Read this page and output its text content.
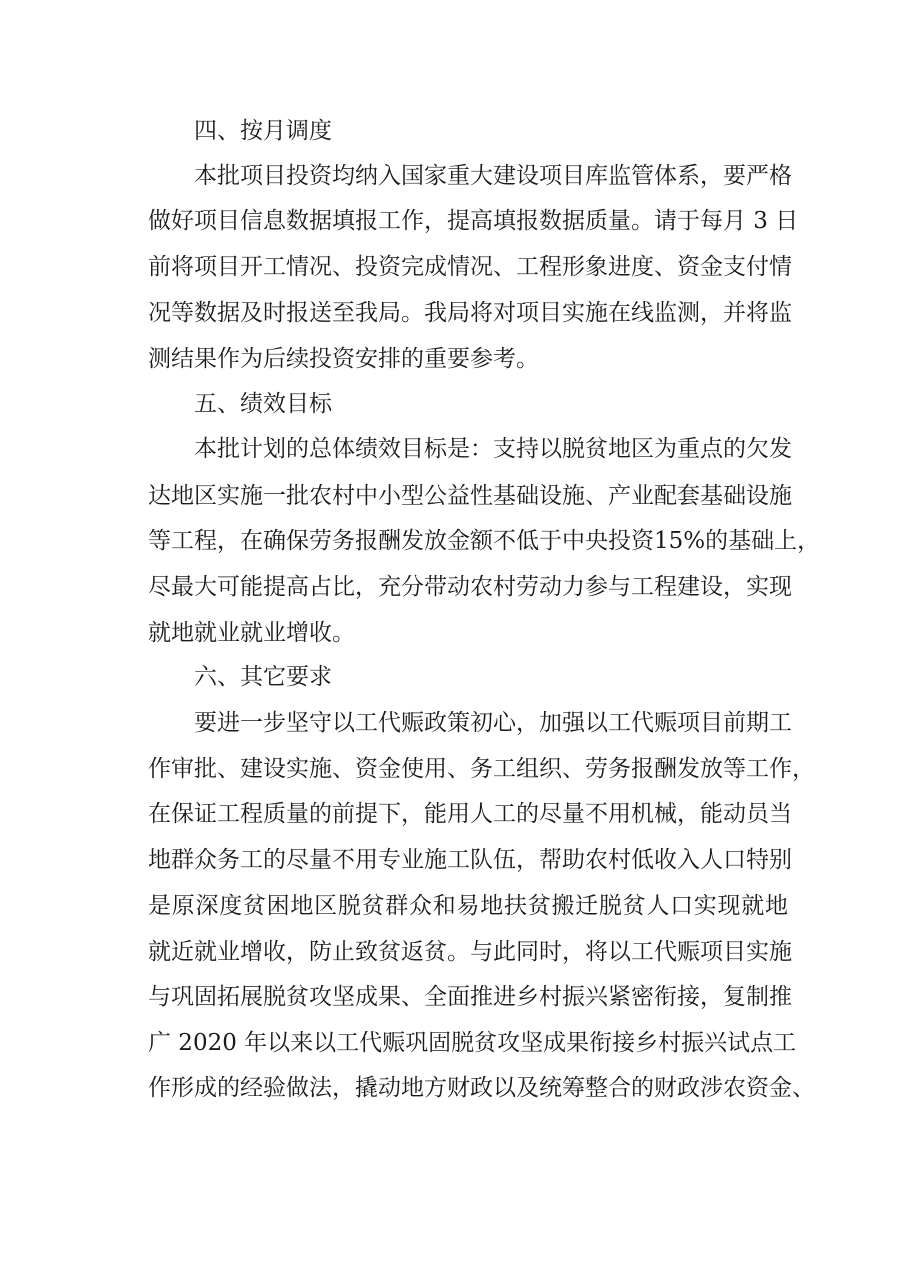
四、按月调度
本批项目投资均纳入国家重大建设项目库监管体系，要严格
做好项目信息数据填报工作，提高填报数据质量。请于每月 3 日
前将项目开工情况、投资完成情况、工程形象进度、资金支付情
况等数据及时报送至我局。我局将对项目实施在线监测，并将监
测结果作为后续投资安排的重要参考。
五、绩效目标
本批计划的总体绩效目标是：支持以脱贫地区为重点的欠发
达地区实施一批农村中小型公益性基础设施、产业配套基础设施
等工程，在确保劳务报酬发放金额不低于中央投资15%的基础上，
尽最大可能提高占比，充分带动农村劳动力参与工程建设，实现
就地就业就业增收。
六、其它要求
要进一步坚守以工代赈政策初心，加强以工代赈项目前期工
作审批、建设实施、资金使用、务工组织、劳务报酬发放等工作，
在保证工程质量的前提下，能用人工的尽量不用机械，能动员当
地群众务工的尽量不用专业施工队伍，帮助农村低收入人口特别
是原深度贫困地区脱贫群众和易地扶贫搬迁脱贫人口实现就地
就近就业增收，防止致贫返贫。与此同时，将以工代赈项目实施
与巩固拓展脱贫攻坚成果、全面推进乡村振兴紧密衔接，复制推
广 2020 年以来以工代赈巩固脱贫攻坚成果衔接乡村振兴试点工
作形成的经验做法，撬动地方财政以及统筹整合的财政涉农资金、
